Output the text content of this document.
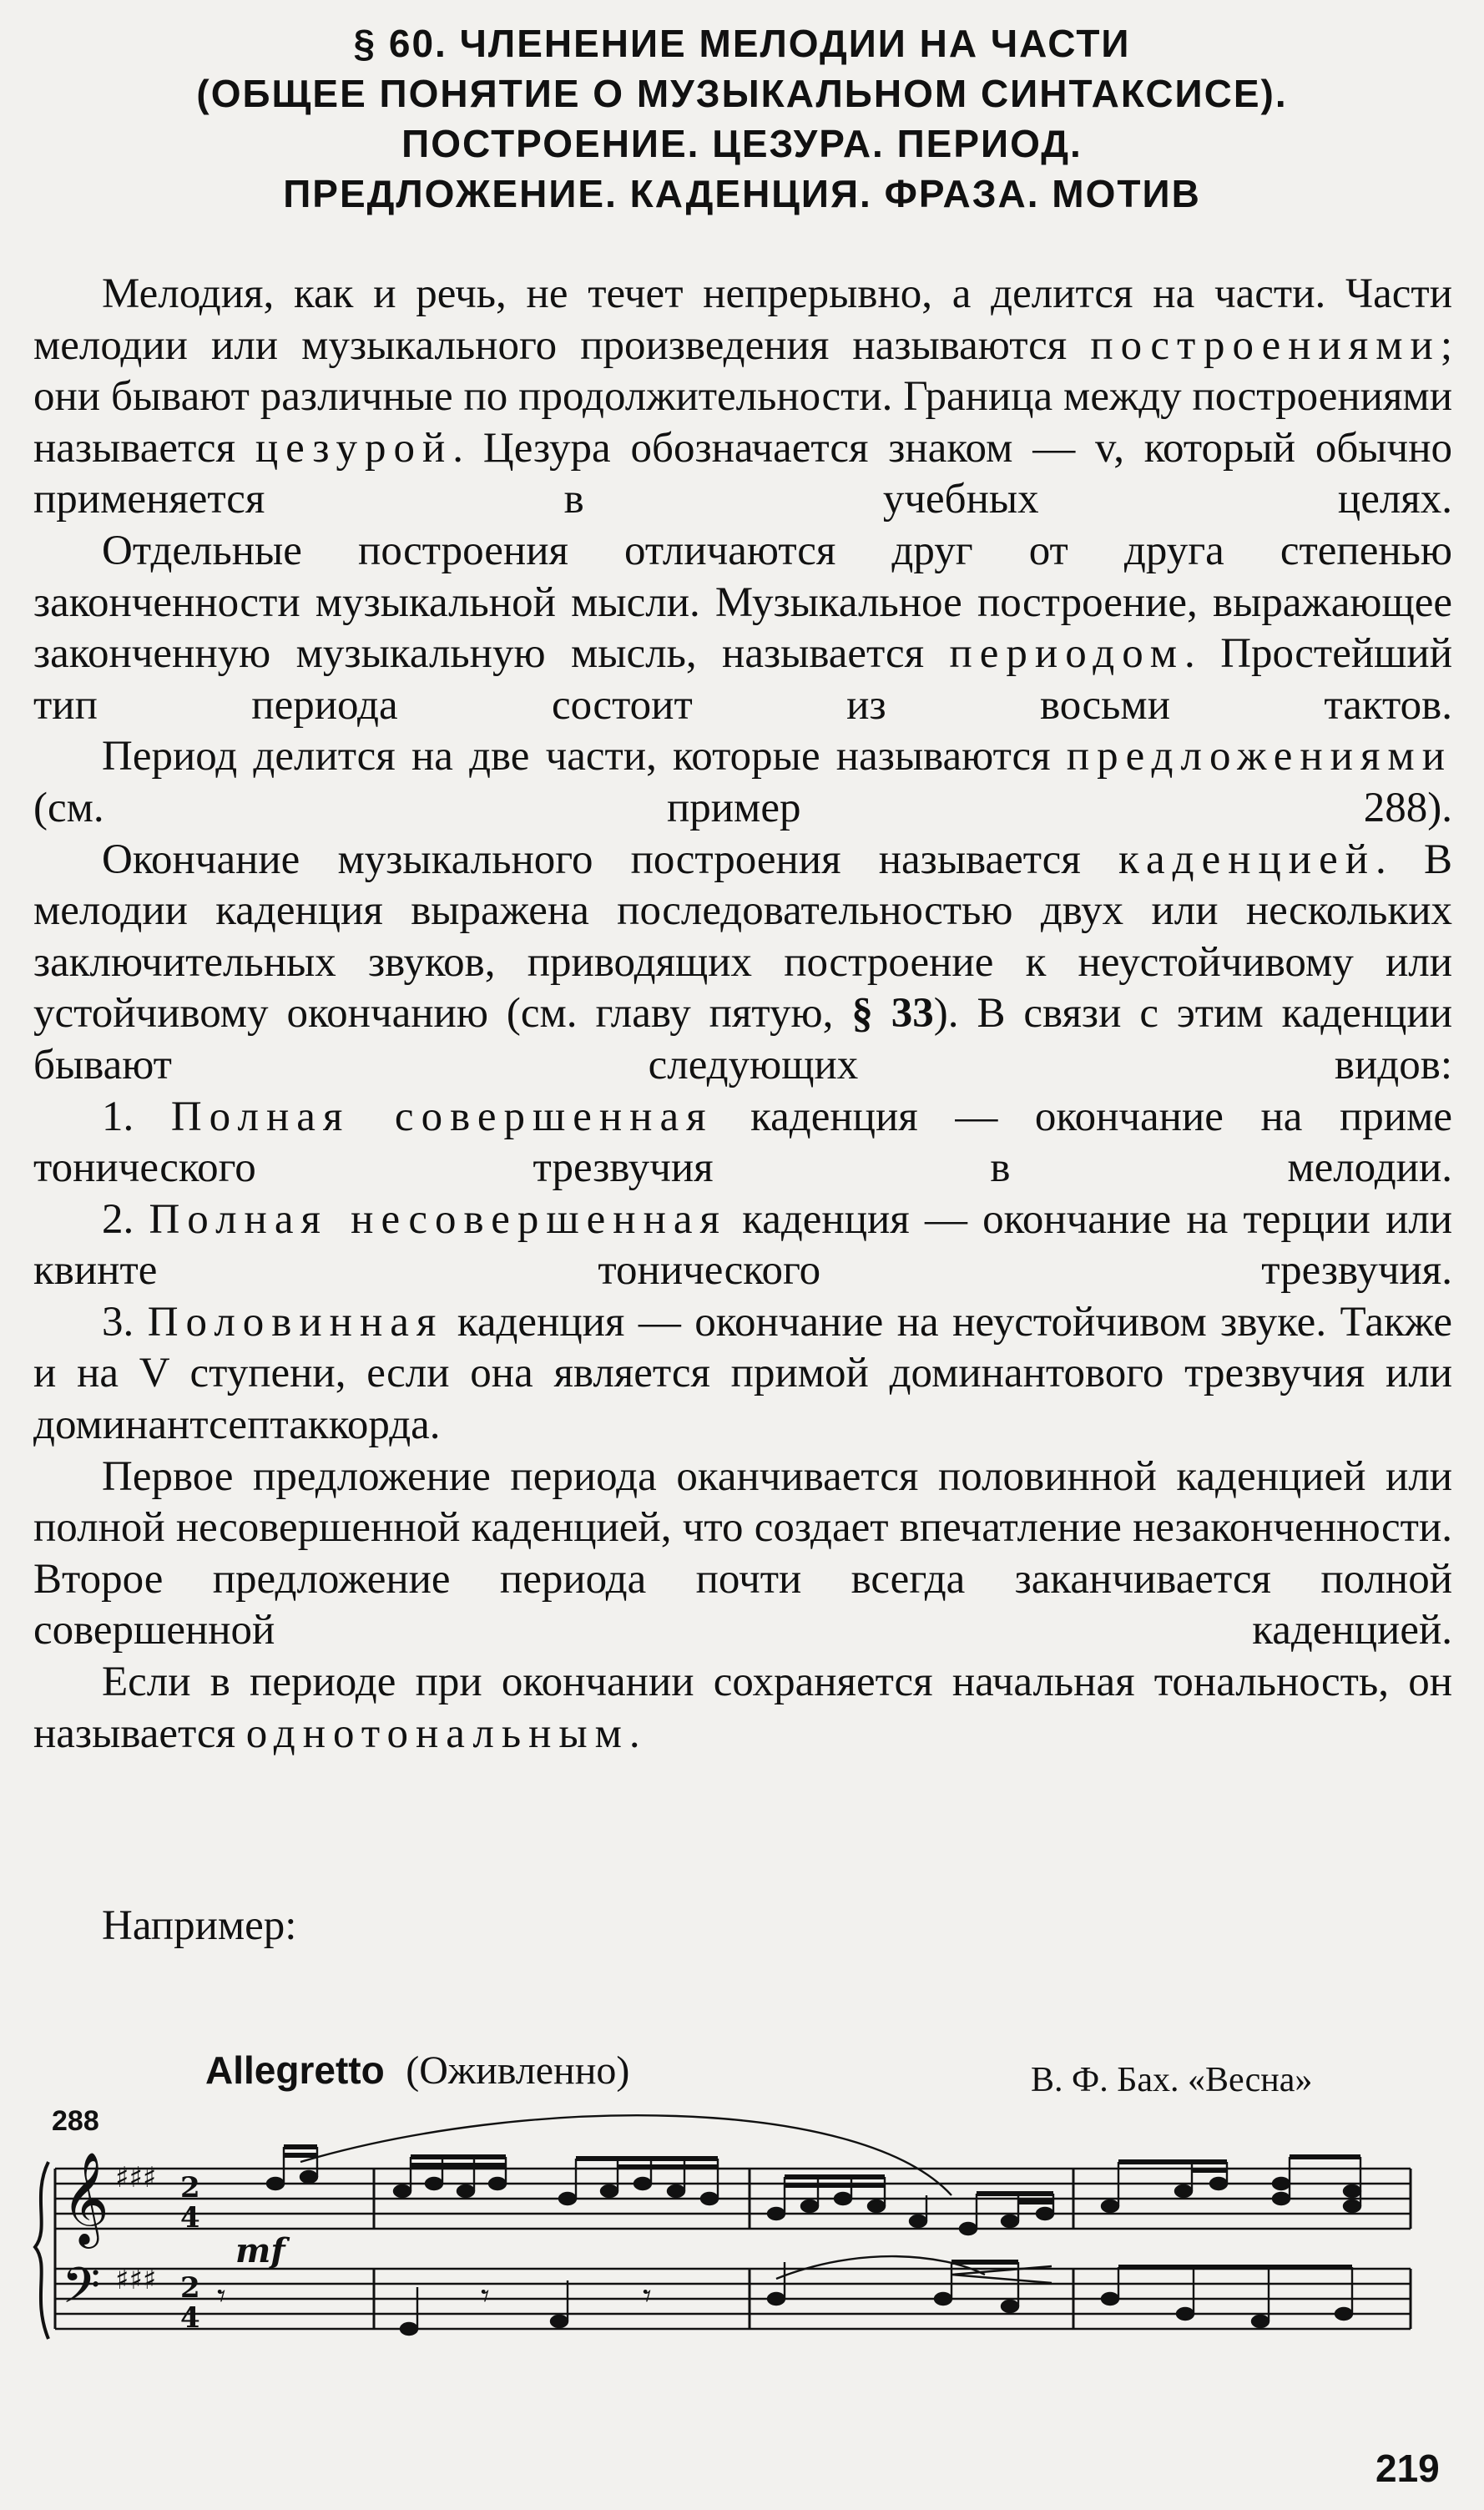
§ 60. ЧЛЕНЕНИЕ МЕЛОДИИ НА ЧАСТИ
(ОБЩЕЕ ПОНЯТИЕ О МУЗЫКАЛЬНОМ СИНТАКСИСЕ).
ПОСТРОЕНИЕ. ЦЕЗУРА. ПЕРИОД.
ПРЕДЛОЖЕНИЕ. КАДЕНЦИЯ. ФРАЗА. МОТИВ

Мелодия, как и речь, не течет непрерывно, а делится на части. Части мелодии или музыкального произведения называются построениями; они бывают различные по продолжительности. Граница между построениями называется цезурой. Цезура обозначается знаком — v, который обычно применяется в учебных целях.

Отдельные построения отличаются друг от друга степенью законченности музыкальной мысли. Музыкальное построение, выражающее законченную музыкальную мысль, называется периодом. Простейший тип периода состоит из восьми тактов.

Период делится на две части, которые называются предложениями (см. пример 288).

Окончание музыкального построения называется каденцией. В мелодии каденция выражена последовательностью двух или нескольких заключительных звуков, приводящих построение к неустойчивому или устойчивому окончанию (см. главу пятую, § 33). В связи с этим каденции бывают следующих видов:

1. Полная совершенная каденция — окончание на приме тонического трезвучия в мелодии.

2. Полная несовершенная каденция — окончание на терции или квинте тонического трезвучия.

3. Половинная каденция — окончание на неустойчивом звуке. Также и на V ступени, если она является примой доминантового трезвучия или доминантсептаккорда.

Первое предложение периода оканчивается половинной каденцией или полной несовершенной каденцией, что создает впечатление незаконченности. Второе предложение периода почти всегда заканчивается полной совершенной каденцией.

Если в периоде при окончании сохраняется начальная тональность, он называется однотональным.

Например:
Allegretto (Оживленно)	В. Ф. Бах. «Весна»
288
𝄞
𝄢
♯♯♯
♯♯♯
2
4
2
4
mf
𝄾	𝄾	𝄾
219
